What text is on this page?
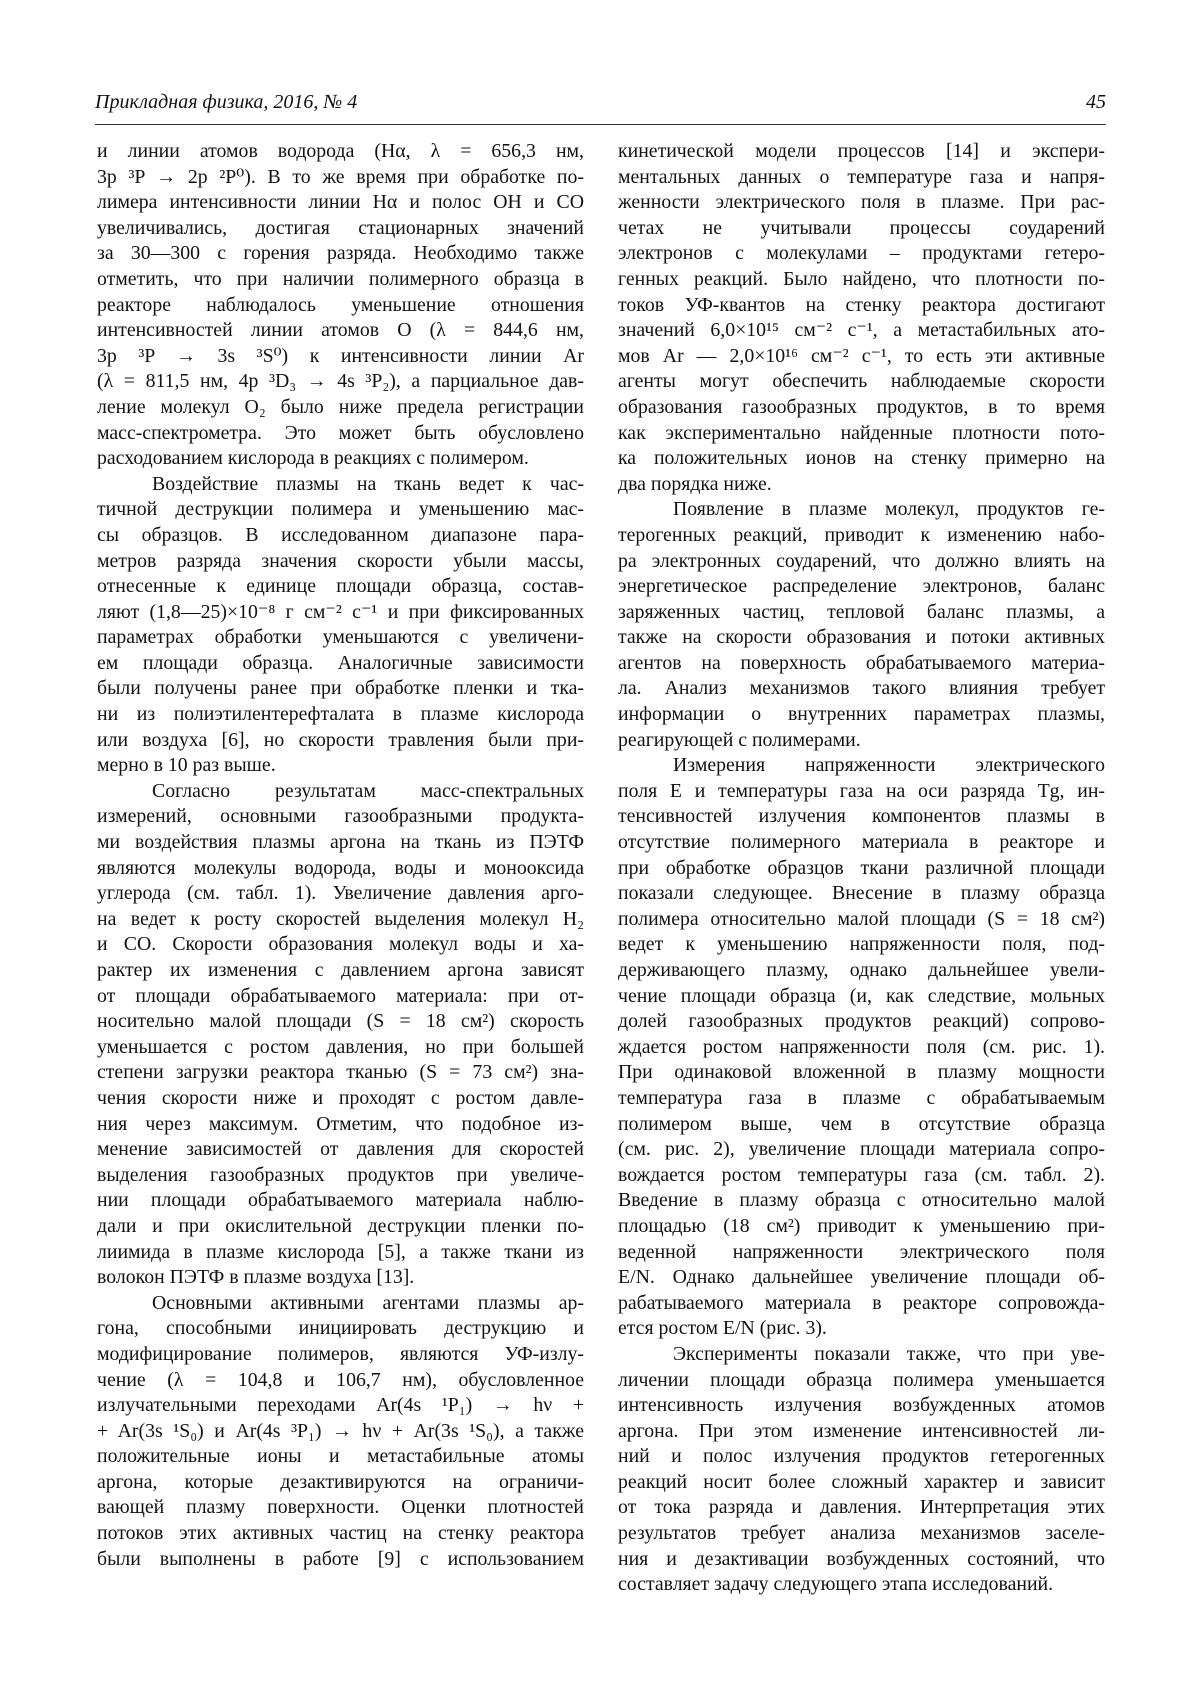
Прикладная физика, 2016, № 4	45
и линии атомов водорода (Hα, λ = 656,3 нм,
3p ³P → 2p ²P⁰). В то же время при обработке по-
лимера интенсивности линии Hα и полос OH и CO
увеличивались, достигая стационарных значений
за 30—300 с горения разряда. Необходимо также
отметить, что при наличии полимерного образца в
реакторе наблюдалось уменьшение отношения
интенсивностей линии атомов O (λ = 844,6 нм,
3p ³P → 3s ³S⁰) к интенсивности линии Ar
(λ = 811,5 нм, 4p ³D₃ → 4s ³P₂), а парциальное дав-
ление молекул O₂ было ниже предела регистрации
масс-спектрометра. Это может быть обусловлено
расходованием кислорода в реакциях с полимером.
Воздействие плазмы на ткань ведет к час-
тичной деструкции полимера и уменьшению мас-
сы образцов. В исследованном диапазоне пара-
метров разряда значения скорости убыли массы,
отнесенные к единице площади образца, состав-
ляют (1,8—25)×10⁻⁸ г см⁻² с⁻¹ и при фиксированных
параметрах обработки уменьшаются с увеличени-
ем площади образца. Аналогичные зависимости
были получены ранее при обработке пленки и тка-
ни из полиэтилентерефталата в плазме кислорода
или воздуха [6], но скорости травления были при-
мерно в 10 раз выше.
Согласно результатам масс-спектральных
измерений, основными газообразными продукта-
ми воздействия плазмы аргона на ткань из ПЭТФ
являются молекулы водорода, воды и монооксида
углерода (см. табл. 1). Увеличение давления арго-
на ведет к росту скоростей выделения молекул H₂
и CO. Скорости образования молекул воды и ха-
рактер их изменения с давлением аргона зависят
от площади обрабатываемого материала: при от-
носительно малой площади (S = 18 см²) скорость
уменьшается с ростом давления, но при большей
степени загрузки реактора тканью (S = 73 см²) зна-
чения скорости ниже и проходят с ростом давле-
ния через максимум. Отметим, что подобное из-
менение зависимостей от давления для скоростей
выделения газообразных продуктов при увеличе-
нии площади обрабатываемого материала наблю-
дали и при окислительной деструкции пленки по-
лиимида в плазме кислорода [5], а также ткани из
волокон ПЭТФ в плазме воздуха [13].
Основными активными агентами плазмы ар-
гона, способными инициировать деструкцию и
модифицирование полимеров, являются УФ-излу-
чение (λ = 104,8 и 106,7 нм), обусловленное
излучательными переходами Ar(4s ¹P₁) → hν +
+ Ar(3s ¹S₀) и Ar(4s ³P₁) → hν + Ar(3s ¹S₀), а также
положительные ионы и метастабильные атомы
аргона, которые дезактивируются на ограничи-
вающей плазму поверхности. Оценки плотностей
потоков этих активных частиц на стенку реактора
были выполнены в работе [9] с использованием
кинетической модели процессов [14] и экспери-
ментальных данных о температуре газа и напря-
женности электрического поля в плазме. При рас-
четах не учитывали процессы соударений
электронов с молекулами – продуктами гетеро-
генных реакций. Было найдено, что плотности по-
токов УФ-квантов на стенку реактора достигают
значений 6,0×10¹⁵ см⁻² с⁻¹, а метастабильных ато-
мов Ar — 2,0×10¹⁶ см⁻² с⁻¹, то есть эти активные
агенты могут обеспечить наблюдаемые скорости
образования газообразных продуктов, в то время
как экспериментально найденные плотности пото-
ка положительных ионов на стенку примерно на
два порядка ниже.
Появление в плазме молекул, продуктов ге-
терогенных реакций, приводит к изменению набо-
ра электронных соударений, что должно влиять на
энергетическое распределение электронов, баланс
заряженных частиц, тепловой баланс плазмы, а
также на скорости образования и потоки активных
агентов на поверхность обрабатываемого материа-
ла. Анализ механизмов такого влияния требует
информации о внутренних параметрах плазмы,
реагирующей с полимерами.
Измерения напряженности электрического
поля E и температуры газа на оси разряда Tg, ин-
тенсивностей излучения компонентов плазмы в
отсутствие полимерного материала в реакторе и
при обработке образцов ткани различной площади
показали следующее. Внесение в плазму образца
полимера относительно малой площади (S = 18 см²)
ведет к уменьшению напряженности поля, под-
держивающего плазму, однако дальнейшее увели-
чение площади образца (и, как следствие, мольных
долей газообразных продуктов реакций) сопрово-
ждается ростом напряженности поля (см. рис. 1).
При одинаковой вложенной в плазму мощности
температура газа в плазме с обрабатываемым
полимером выше, чем в отсутствие образца
(см. рис. 2), увеличение площади материала сопро-
вождается ростом температуры газа (см. табл. 2).
Введение в плазму образца с относительно малой
площадью (18 см²) приводит к уменьшению при-
веденной напряженности электрического поля
E/N. Однако дальнейшее увеличение площади об-
рабатываемого материала в реакторе сопровожда-
ется ростом E/N (рис. 3).
Эксперименты показали также, что при уве-
личении площади образца полимера уменьшается
интенсивность излучения возбужденных атомов
аргона. При этом изменение интенсивностей ли-
ний и полос излучения продуктов гетерогенных
реакций носит более сложный характер и зависит
от тока разряда и давления. Интерпретация этих
результатов требует анализа механизмов заселе-
ния и дезактивации возбужденных состояний, что
составляет задачу следующего этапа исследований.
